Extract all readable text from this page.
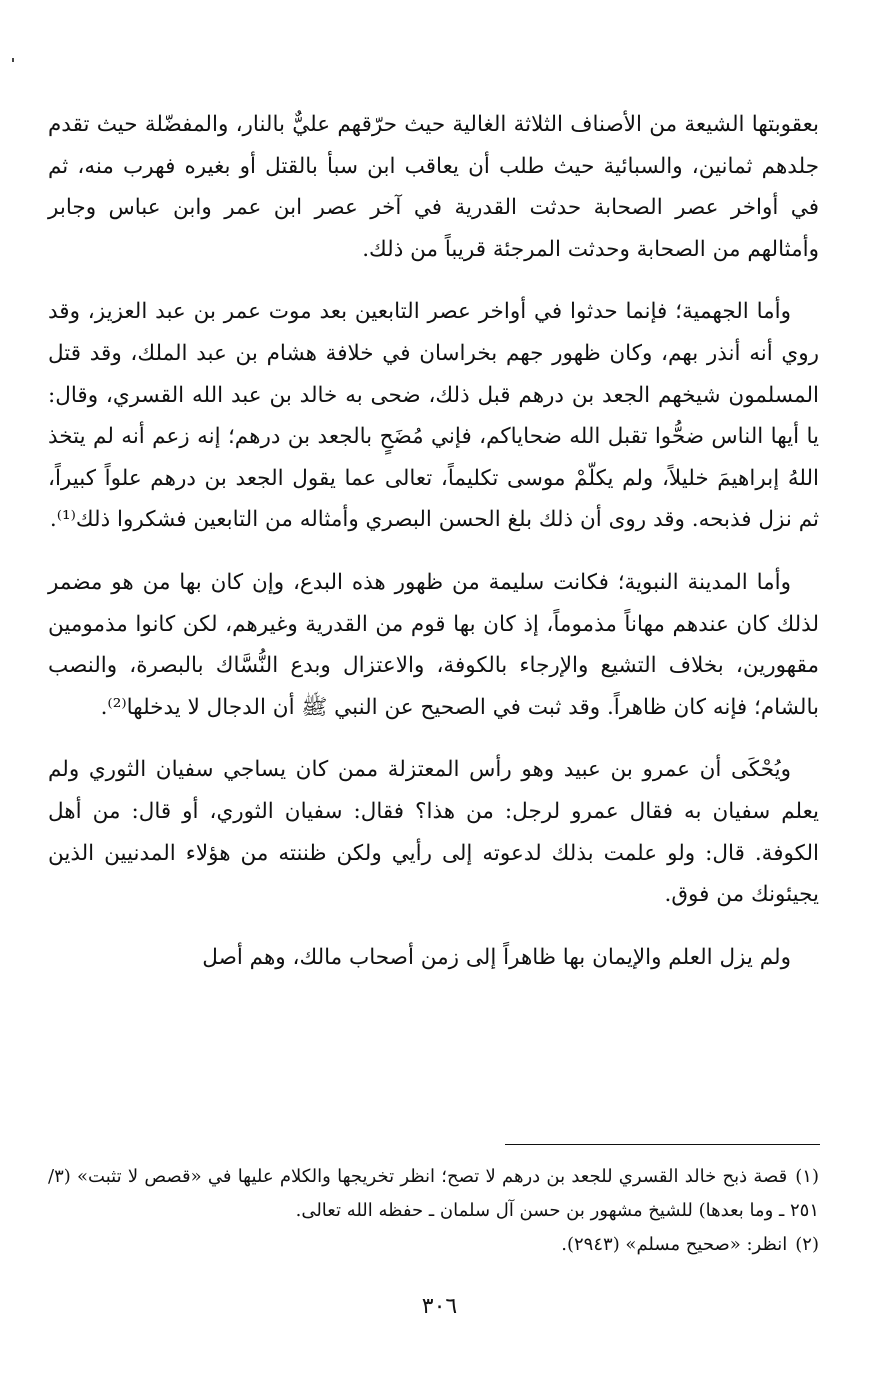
بعقوبتها الشيعة من الأصناف الثلاثة الغالية حيث حرّقهم عليٌّ بالنار، والمفضّلة حيث تقدم جلدهم ثمانين، والسبائية حيث طلب أن يعاقب ابن سبأ بالقتل أو بغيره فهرب منه، ثم في أواخر عصر الصحابة حدثت القدرية في آخر عصر ابن عمر وابن عباس وجابر وأمثالهم من الصحابة وحدثت المرجئة قريباً من ذلك.

وأما الجهمية؛ فإنما حدثوا في أواخر عصر التابعين بعد موت عمر بن عبد العزيز، وقد روي أنه أنذر بهم، وكان ظهور جهم بخراسان في خلافة هشام بن عبد الملك، وقد قتل المسلمون شيخهم الجعد بن درهم قبل ذلك، ضحى به خالد بن عبد الله القسري، وقال: يا أيها الناس ضحُّوا تقبل الله ضحاياكم، فإني مُضَحٍ بالجعد بن درهم؛ إنه زعم أنه لم يتخذ اللهُ إبراهيمَ خليلاً، ولم يكلّمْ موسى تكليماً، تعالى عما يقول الجعد بن درهم علواً كبيراً، ثم نزل فذبحه. وقد روى أن ذلك بلغ الحسن البصري وأمثاله من التابعين فشكروا ذلك⁽¹⁾.

وأما المدينة النبوية؛ فكانت سليمة من ظهور هذه البدع، وإن كان بها من هو مضمر لذلك كان عندهم مهاناً مذموماً، إذ كان بها قوم من القدرية وغيرهم، لكن كانوا مذمومين مقهورين، بخلاف التشيع والإرجاء بالكوفة، والاعتزال وبدع النُّسَّاك بالبصرة، والنصب بالشام؛ فإنه كان ظاهراً. وقد ثبت في الصحيح عن النبي ﷺ أن الدجال لا يدخلها⁽²⁾.

ويُحْكَى أن عمرو بن عبيد وهو رأس المعتزلة ممن كان يساجي سفيان الثوري ولم يعلم سفيان به فقال عمرو لرجل: من هذا؟ فقال: سفيان الثوري، أو قال: من أهل الكوفة. قال: ولو علمت بذلك لدعوته إلى رأيي ولكن ظننته من هؤلاء المدنيين الذين يجيئونك من فوق.

ولم يزل العلم والإيمان بها ظاهراً إلى زمن أصحاب مالك، وهم أصل

(١)قصة ذبح خالد القسري للجعد بن درهم لا تصح؛ انظر تخريجها والكلام عليها في «قصص لا تثبت» (٣/ ٢٥١ ـ وما بعدها) للشيخ مشهور بن حسن آل سلمان ـ حفظه الله تعالى.

(٢)انظر: «صحيح مسلم» (٢٩٤٣).

٣٠٦
